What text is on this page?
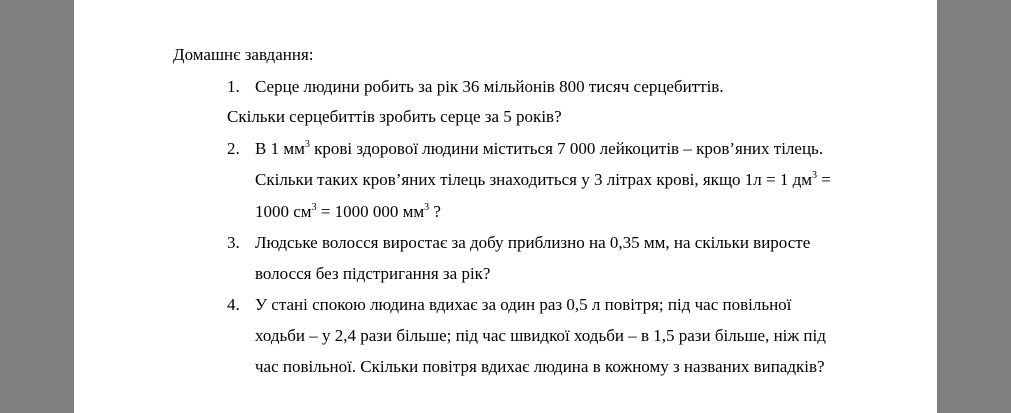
Домашнє завдання:
1. Серце людини робить за рік 36 мільйонів 800 тисяч серцебиттів.
Скільки серцебиттів зробить серце за 5 років?
2. В 1 $мм^3$ крові здорової людини міститься 7 000 лейкоцитів – кров’яних тілець.
Скільки таких кров’яних тілець знаходиться у 3 літрах крові, якщо 1л = 1 $дм^3$ =
1000 $см^3 = 1000$ 000 $мм^3$ ?
3. Людське волосся виростає за добу приблизно на 0,35 мм, на скільки виросте
волосся без підстригання за рік?
4. У стані спокою людина вдихає за один раз 0,5 л повітря; під час повільної
ходьби – у 2,4 рази більше; під час швидкої ходьби – в 1,5 рази більше, ніж під
час повільної. Скільки повітря вдихає людина в кожному з названих випадків?
